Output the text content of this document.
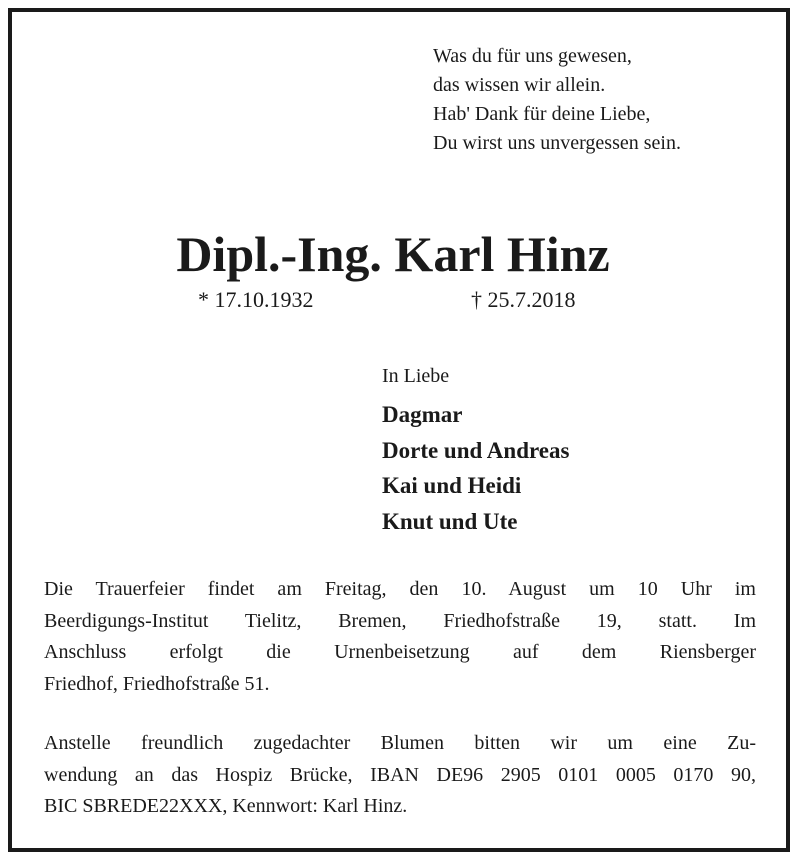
Was du für uns gewesen,
das wissen wir allein.
Hab' Dank für deine Liebe,
Du wirst uns unvergessen sein.
Dipl.-Ing. Karl Hinz
* 17.10.1932	† 25.7.2018
In Liebe
Dagmar
Dorte und Andreas
Kai und Heidi
Knut und Ute
Die Trauerfeier findet am Freitag, den 10. August um 10 Uhr im
Beerdigungs-Institut Tielitz, Bremen, Friedhofstraße 19, statt. Im
Anschluss erfolgt die Urnenbeisetzung auf dem Riensberger
Friedhof, Friedhofstraße 51.
Anstelle freundlich zugedachter Blumen bitten wir um eine Zu-
wendung an das Hospiz Brücke, IBAN DE96 2905 0101 0005 0170 90,
BIC SBREDE22XXX, Kennwort: Karl Hinz.
